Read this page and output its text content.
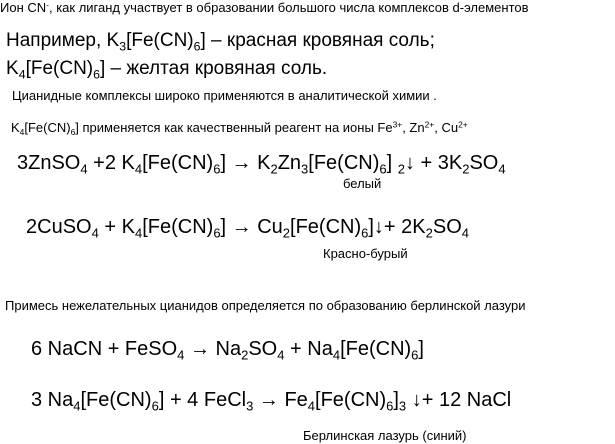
Ион CN-, как лиганд участвует в образовании большого числа комплексов d-элементов
Например, $K_3[Fe(CN)_6]$ – красная кровяная соль;
$K_4[Fe(CN)_6]$ – желтая кровяная соль.
Цианидные комплексы широко применяются в аналитической химии .
$K_4[Fe(CN)_6]$ применяется как качественный реагент на ионы $Fe^{3+}$, $Zn^{2+}$, $Cu^{2+}$
3ZnSO$_4$ +2 $K_4[Fe(CN)_6] \to K_2Zn_3[Fe(CN)_6]$ $_2$↓ + $3K_2SO_4$
белый
2CuSO$_4$ + $K_4[Fe(CN)_6]$ → $Cu_2[Fe(CN)_6]↓+ 2K_2SO_4$
Красно-бурый
Примесь нежелательных цианидов определяется по образованию берлинской лазури
6 NaCN + FeSO$_4$ → $Na_2SO_4 + Na_4[Fe(CN)_6]$
3 $Na_4[Fe(CN)_6] + 4$ FeCl$_3$ → $Fe_4[Fe(CN)_6]_3$ ↓+ 12 NaCl
Берлинская лазурь (синий)
